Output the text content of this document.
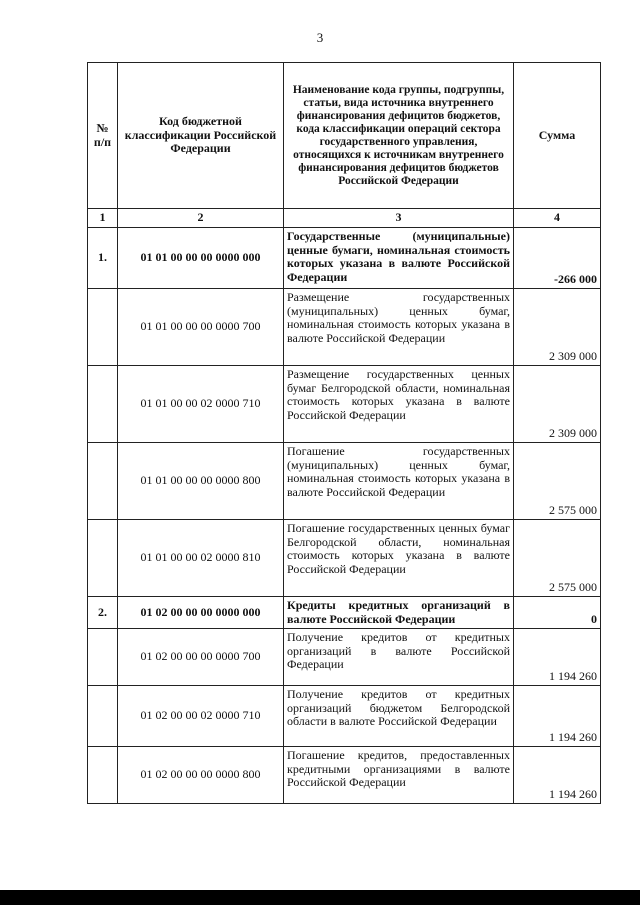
3
№ п/п	Код бюджетной классификации Российской Федерации	Наименование кода группы, подгруппы, статьи, вида источника внутреннего финансирования дефицитов бюджетов, кода классификации операций сектора государственного управления, относящихся к источникам внутреннего финансирования дефицитов бюджетов Российской Федерации	Сумма
1	2	3	4
1.	01 01 00 00 00 0000 000	Государственные (муниципальные) ценные бумаги, номинальная стоимость которых указана в валюте Российской Федерации	-266 000
	01 01 00 00 00 0000 700	Размещение государственных (муниципальных) ценных бумаг, номинальная стоимость которых указана в валюте Российской Федерации	2 309 000
	01 01 00 00 02 0000 710	Размещение государственных ценных бумаг Белгородской области, номинальная стоимость которых указана в валюте Российской Федерации	2 309 000
	01 01 00 00 00 0000 800	Погашение государственных (муниципальных) ценных бумаг, номинальная стоимость которых указана в валюте Российской Федерации	2 575 000
	01 01 00 00 02 0000 810	Погашение государственных ценных бумаг Белгородской области, номинальная стоимость которых указана в валюте Российской Федерации	2 575 000
2.	01 02 00 00 00 0000 000	Кредиты кредитных организаций в валюте Российской Федерации	0
	01 02 00 00 00 0000 700	Получение кредитов от кредитных организаций в валюте Российской Федерации	1 194 260
	01 02 00 00 02 0000 710	Получение кредитов от кредитных организаций бюджетом Белгородской области в валюте Российской Федерации	1 194 260
	01 02 00 00 00 0000 800	Погашение кредитов, предоставленных кредитными организациями в валюте Российской Федерации	1 194 260
